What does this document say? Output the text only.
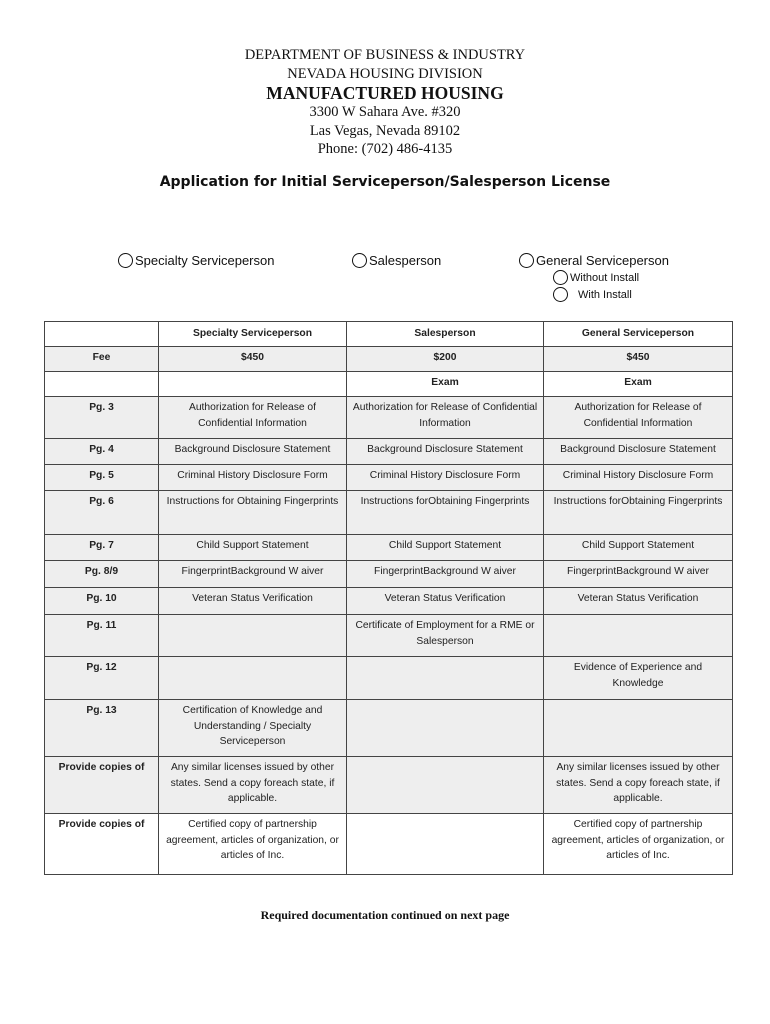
DEPARTMENT OF BUSINESS & INDUSTRY
NEVADA HOUSING DIVISION
MANUFACTURED HOUSING
3300 W Sahara Ave. #320
Las Vegas, Nevada 89102
Phone: (702) 486-4135
Application for Initial Serviceperson/Salesperson License
Specialty Serviceperson	Salesperson	General Serviceperson
Without Install
With Install
	Specialty Serviceperson	Salesperson	General Serviceperson
Fee	$450	$200	$450
		Exam	Exam
Pg. 3	Authorization for Release of Confidential Information	Authorization for Release of Confidential Information	Authorization for Release of Confidential Information
Pg. 4	Background Disclosure Statement	Background Disclosure Statement	Background Disclosure Statement
Pg. 5	Criminal History Disclosure Form	Criminal History Disclosure Form	Criminal History Disclosure Form
Pg. 6	Instructions for Obtaining Fingerprints	Instructions forObtaining Fingerprints	Instructions forObtaining Fingerprints
Pg. 7	Child Support Statement	Child Support Statement	Child Support Statement
Pg. 8/9	FingerprintBackground W aiver	FingerprintBackground W aiver	FingerprintBackground W aiver
Pg. 10	Veteran Status Verification	Veteran Status Verification	Veteran Status Verification
Pg. 11		Certificate of Employment for a RME or Salesperson	
Pg. 12			Evidence of Experience and Knowledge
Pg. 13	Certification of Knowledge and Understanding / Specialty Serviceperson		
Provide copies of	Any similar licenses issued by other states. Send a copy foreach state, if applicable.		Any similar licenses issued by other states. Send a copy foreach state, if applicable.
Provide copies of	Certified copy of partnership agreement, articles of organization, or articles of Inc.		Certified copy of partnership agreement, articles of organization, or articles of Inc.
Required documentation continued on next page
